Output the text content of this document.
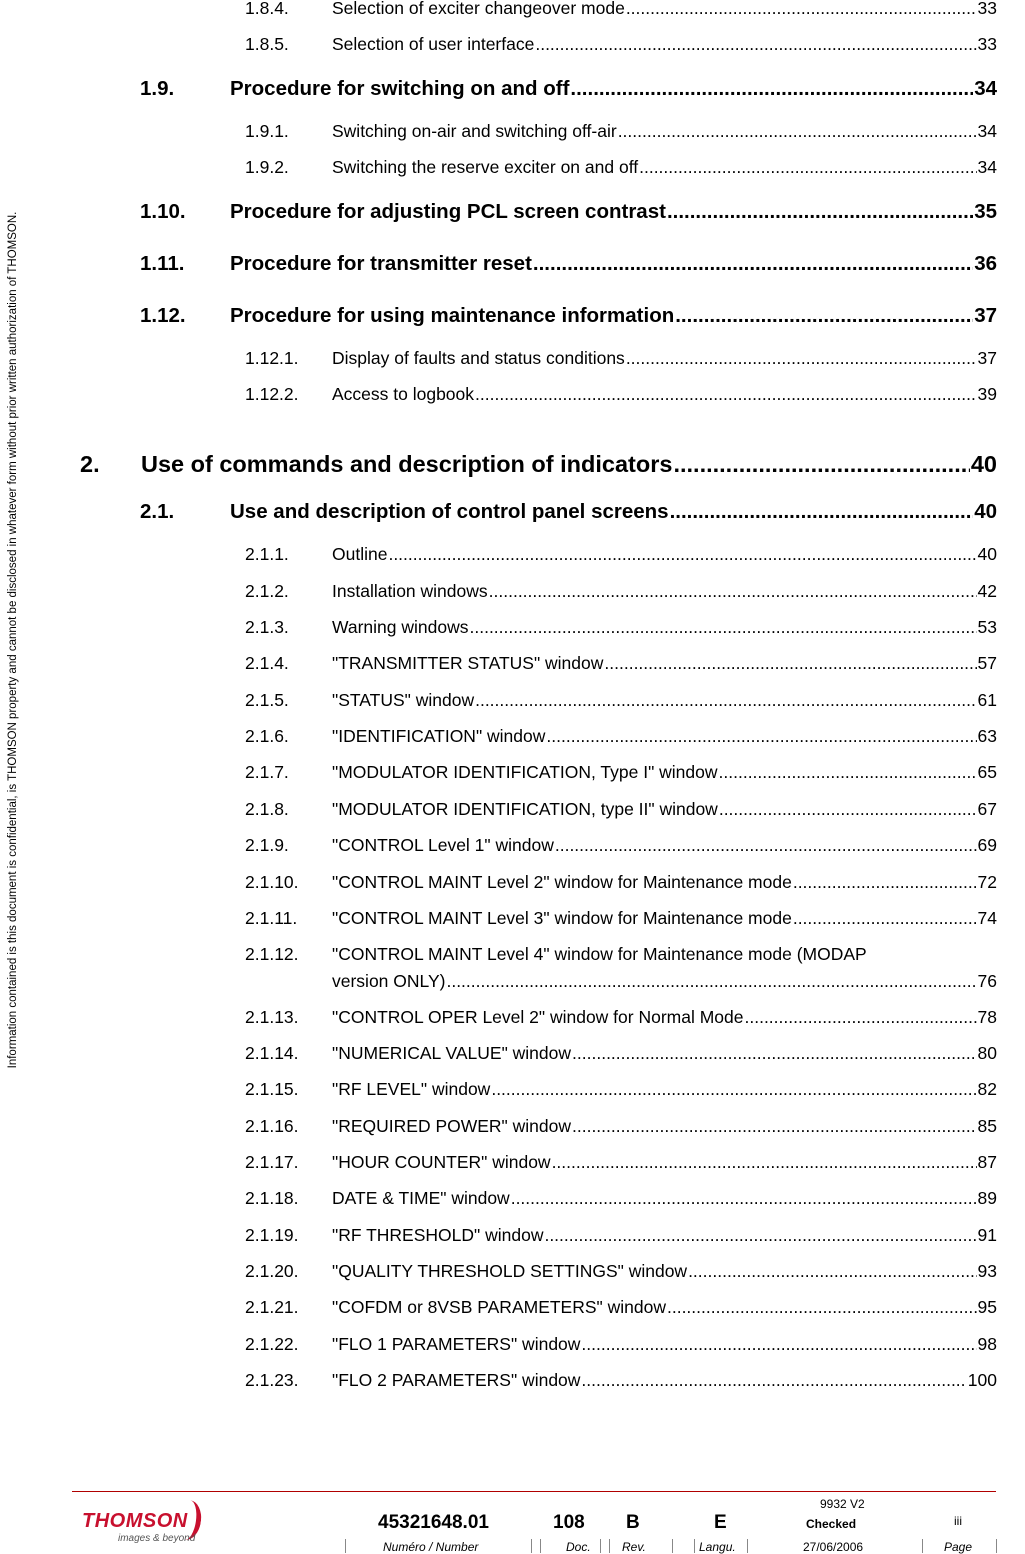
Information contained is this document is confidential, is THOMSON property and cannot be disclosed in whatever form without prior written authorization of THOMSON.
1.8.4.	Selection of exciter changeover mode .....	33
1.8.5.	Selection of user interface .....	33
1.9.	Procedure for switching on and off .....	34
1.9.1.	Switching on-air and switching off-air .....	34
1.9.2.	Switching the reserve exciter on and off .....	34
1.10.	Procedure for adjusting PCL screen contrast .....	35
1.11.	Procedure for transmitter reset .....	36
1.12.	Procedure for using maintenance information .....	37
1.12.1.	Display of faults and status conditions .....	37
1.12.2.	Access to logbook .....	39
2.	Use of commands and description of indicators .....	40
2.1.	Use and description of control panel screens .....	40
2.1.1.	Outline .....	40
2.1.2.	Installation windows .....	42
2.1.3.	Warning windows .....	53
2.1.4.	"TRANSMITTER STATUS" window .....	57
2.1.5.	"STATUS" window .....	61
2.1.6.	"IDENTIFICATION" window .....	63
2.1.7.	"MODULATOR IDENTIFICATION, Type I" window .....	65
2.1.8.	"MODULATOR IDENTIFICATION, type II" window .....	67
2.1.9.	"CONTROL Level 1" window .....	69
2.1.10.	"CONTROL MAINT Level 2" window for Maintenance mode .....	72
2.1.11.	"CONTROL MAINT Level 3" window for Maintenance mode .....	74
2.1.12.	"CONTROL MAINT Level 4" window for Maintenance mode (MODAP
version ONLY) .....	76
2.1.13.	"CONTROL OPER Level 2" window for Normal Mode .....	78
2.1.14.	"NUMERICAL VALUE" window .....	80
2.1.15.	"RF LEVEL" window .....	82
2.1.16.	"REQUIRED POWER" window .....	85
2.1.17.	"HOUR COUNTER" window .....	87
2.1.18.	DATE & TIME" window .....	89
2.1.19.	"RF THRESHOLD" window .....	91
2.1.20.	"QUALITY THRESHOLD SETTINGS" window .....	93
2.1.21.	"COFDM or 8VSB PARAMETERS" window .....	95
2.1.22.	"FLO 1 PARAMETERS" window .....	98
2.1.23.	"FLO 2 PARAMETERS" window .....	100
THOMSON
images & beyond
45321648.01	108 B	E
9932 V2
Checked	iii
Numéro / Number	Doc.	Rev.	Langu.	27/06/2006	Page
